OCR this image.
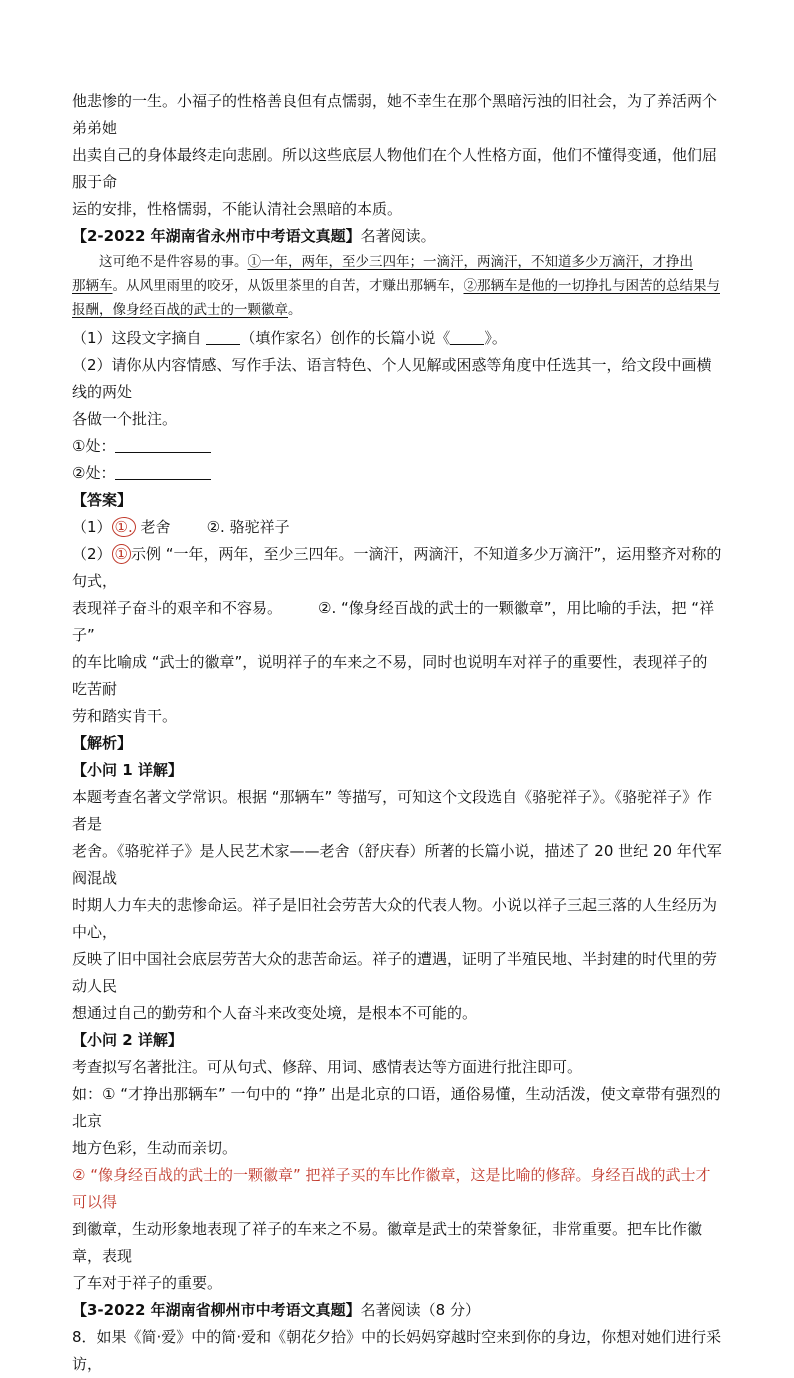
他悲惨的一生。小福子的性格善良但有点懦弱，她不幸生在那个黑暗污浊的旧社会，为了养活两个弟弟她

出卖自己的身体最终走向悲剧。所以这些底层人物他们在个人性格方面，他们不懂得变通，他们屈服于命

运的安排，性格懦弱，不能认清社会黑暗的本质。

【2-2022 年湖南省永州市中考语文真题】名著阅读。

这可绝不是件容易的事。①一年，两年，至少三四年；一滴汗，两滴汗，不知道多少万滴汗，才挣出

那辆车。从风里雨里的咬牙，从饭里茶里的自苦，才赚出那辆车，②那辆车是他的一切挣扎与困苦的总结果与

报酬，像身经百战的武士的一颗徽章。

（1）这段文字摘自	（填作家名）创作的长篇小说《 》。

（2）请你从内容情感、写作手法、语言特色、个人见解或困惑等角度中任选其一，给文段中画横线的两处

各做一个批注。

①处：

②处：

【答案】

（1） ①. 老舍 ②. 骆驼祥子

（2） ① 示例 “一年，两年，至少三四年。一滴汗，两滴汗，不知道多少万滴汗”，运用整齐对称的句式，

表现祥子奋斗的艰辛和不容易。 ②. “像身经百战的武士的一颗徽章”，用比喻的手法，把 “祥子”

的车比喻成 “武士的徽章”，说明祥子的车来之不易，同时也说明车对祥子的重要性，表现祥子的吃苦耐

劳和踏实肯干。

【解析】

【小问 1 详解】

本题考查名著文学常识。根据 “那辆车” 等描写，可知这个文段选自《骆驼祥子》。《骆驼祥子》作者是

老舍。《骆驼祥子》是人民艺术家——老舍（舒庆春）所著的长篇小说，描述了 20 世纪 20 年代军阀混战

时期人力车夫的悲惨命运。祥子是旧社会劳苦大众的代表人物。小说以祥子三起三落的人生经历为中心，

反映了旧中国社会底层劳苦大众的悲苦命运。祥子的遭遇，证明了半殖民地、半封建的时代里的劳动人民

想通过自己的勤劳和个人奋斗来改变处境，是根本不可能的。

【小问 2 详解】

考查拟写名著批注。可从句式、修辞、用词、感情表达等方面进行批注即可。

如：① “才挣出那辆车” 一句中的 “挣” 出是北京的口语，通俗易懂，生动活泼，使文章带有强烈的北京

地方色彩，生动而亲切。

② “像身经百战的武士的一颗徽章” 把祥子买的车比作徽章，这是比喻的修辞。身经百战的武士才可以得

到徽章，生动形象地表现了祥子的车来之不易。徽章是武士的荣誉象征，非常重要。把车比作徽章，表现

了车对于祥子的重要。

【3-2022 年湖南省柳州市中考语文真题】名著阅读（8 分）

8．如果《简·爱》中的简·爱和《朝花夕拾》中的长妈妈穿越时空来到你的身边，你想对她们进行采访，
